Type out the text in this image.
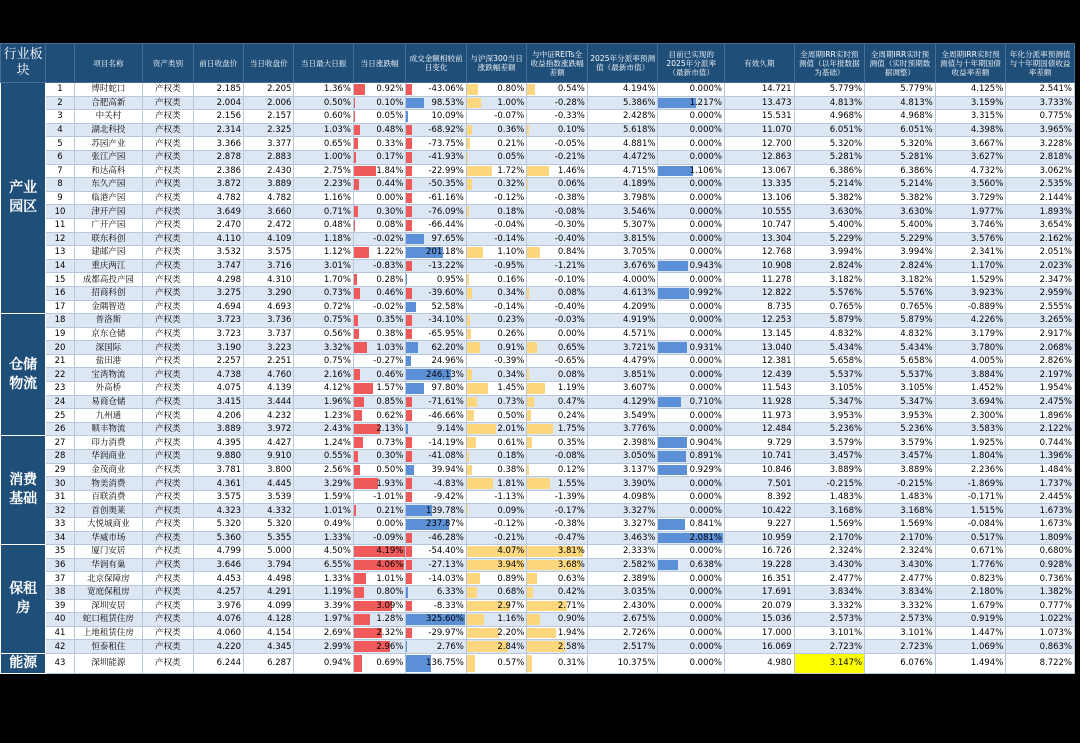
行业板块		项目名称	资产类别	前日收盘价	当日收盘价	当日最大日振	当日涨跌幅	成交金额相较前日变化	与沪深300当日涨跌幅差额	与中证REITs全收益指数涨跌幅差额	2025年分派率预测值（最新市值）	目前已实现的2025年分派率（最新市值）	有效久期	全周期IRR实时预测值（以年报数据为基础）	全周期IRR实时预测值（实时预期数据调整）	全周期IRR实时预测值与十年期国债收益率差额	年化分派率预测值与十年期国债收益率差额
产业园区	1	博时蛇口	产权类	2.185	2.205	1.36%	0.92%	-43.06%	0.80%	0.54%	4.194%	0.000%	14.721	5.779%	5.779%	4.125%	2.541%
	2	合肥高新	产权类	2.004	2.006	0.50%	0.10%	98.53%	1.00%	-0.28%	5.386%	1.217%	13.473	4.813%	4.813%	3.159%	3.733%
	3	中关村	产权类	2.156	2.157	0.60%	0.05%	10.09%	-0.07%	-0.33%	2.428%	0.000%	15.531	4.968%	4.968%	3.315%	0.775%
	4	湖北科投	产权类	2.314	2.325	1.03%	0.48%	-68.92%	0.36%	0.10%	5.618%	0.000%	11.070	6.051%	6.051%	4.398%	3.965%
	5	苏园产业	产权类	3.366	3.377	0.65%	0.33%	-73.75%	0.21%	-0.05%	4.881%	0.000%	12.700	5.320%	5.320%	3.667%	3.228%
	6	张江产园	产权类	2.878	2.883	1.00%	0.17%	-41.93%	0.05%	-0.21%	4.472%	0.000%	12.863	5.281%	5.281%	3.627%	2.818%
	7	和达高科	产权类	2.386	2.430	2.75%	1.84%	-22.99%	1.72%	1.46%	4.715%	1.106%	13.067	6.386%	6.386%	4.732%	3.062%
	8	东久产园	产权类	3.872	3.889	2.23%	0.44%	-50.35%	0.32%	0.06%	4.189%	0.000%	13.335	5.214%	5.214%	3.560%	2.535%
	9	临港产园	产权类	4.782	4.782	1.16%	0.00%	-61.16%	-0.12%	-0.38%	3.798%	0.000%	13.106	5.382%	5.382%	3.729%	2.144%
	10	津开产园	产权类	3.649	3.660	0.71%	0.30%	-76.09%	0.18%	-0.08%	3.546%	0.000%	10.555	3.630%	3.630%	1.977%	1.893%
	11	广开产园	产权类	2.470	2.472	0.48%	0.08%	-66.44%	-0.04%	-0.30%	5.307%	0.000%	10.747	5.400%	5.400%	3.746%	3.654%
	12	联东科创	产权类	4.110	4.109	1.18%	-0.02%	97.65%	-0.14%	-0.40%	3.815%	0.000%	13.304	5.229%	5.229%	3.576%	2.162%
	13	建邮产园	产权类	3.532	3.575	1.12%	1.22%	201.18%	1.10%	0.84%	3.705%	0.000%	12.768	3.994%	3.994%	2.341%	2.051%
	14	重庆两江	产权类	3.747	3.716	3.01%	-0.83%	-13.22%	-0.95%	-1.21%	3.676%	0.943%	10.908	2.824%	2.824%	1.170%	2.023%
	15	成都高投产园	产权类	4.298	4.310	1.70%	0.28%	0.95%	0.16%	-0.10%	4.000%	0.000%	11.278	3.182%	3.182%	1.529%	2.347%
	16	招商科创	产权类	3.275	3.290	0.73%	0.46%	-39.60%	0.34%	0.08%	4.613%	0.992%	12.822	5.576%	5.576%	3.923%	2.959%
	17	金隅智造	产权类	4.694	4.693	0.72%	-0.02%	52.58%	-0.14%	-0.40%	4.209%	0.000%	8.735	0.765%	0.765%	-0.889%	2.555%
仓储物流	18	普洛斯	产权类	3.723	3.736	0.75%	0.35%	-34.10%	0.23%	-0.03%	4.919%	0.000%	12.253	5.879%	5.879%	4.226%	3.265%
	19	京东仓储	产权类	3.723	3.737	0.56%	0.38%	-65.95%	0.26%	0.00%	4.571%	0.000%	13.145	4.832%	4.832%	3.179%	2.917%
	20	深国际	产权类	3.190	3.223	3.32%	1.03%	62.20%	0.91%	0.65%	3.721%	0.931%	13.040	5.434%	5.434%	3.780%	2.068%
	21	盐田港	产权类	2.257	2.251	0.75%	-0.27%	24.96%	-0.39%	-0.65%	4.479%	0.000%	12.381	5.658%	5.658%	4.005%	2.826%
	22	宝湾物流	产权类	4.738	4.760	2.16%	0.46%	246.13%	0.34%	0.08%	3.851%	0.000%	12.439	5.537%	5.537%	3.884%	2.197%
	23	外高桥	产权类	4.075	4.139	4.12%	1.57%	97.80%	1.45%	1.19%	3.607%	0.000%	11.543	3.105%	3.105%	1.452%	1.954%
	24	易商仓储	产权类	3.415	3.444	1.96%	0.85%	-71.61%	0.73%	0.47%	4.129%	0.710%	11.928	5.347%	5.347%	3.694%	2.475%
	25	九州通	产权类	4.206	4.232	1.23%	0.62%	-46.66%	0.50%	0.24%	3.549%	0.000%	11.973	3.953%	3.953%	2.300%	1.896%
	26	顺丰物流	产权类	3.889	3.972	2.43%	2.13%	9.14%	2.01%	1.75%	3.776%	0.000%	12.484	5.236%	5.236%	3.583%	2.122%
消费基础	27	印力消费	产权类	4.395	4.427	1.24%	0.73%	-14.19%	0.61%	0.35%	2.398%	0.904%	9.729	3.579%	3.579%	1.925%	0.744%
	28	华润商业	产权类	9.880	9.910	0.55%	0.30%	-41.08%	0.18%	-0.08%	3.050%	0.891%	10.741	3.457%	3.457%	1.804%	1.396%
	29	金茂商业	产权类	3.781	3.800	2.56%	0.50%	39.94%	0.38%	0.12%	3.137%	0.929%	10.846	3.889%	3.889%	2.236%	1.484%
	30	物美消费	产权类	4.361	4.445	3.29%	1.93%	-4.83%	1.81%	1.55%	3.390%	0.000%	7.501	-0.215%	-0.215%	-1.869%	1.737%
	31	百联消费	产权类	3.575	3.539	1.59%	-1.01%	-9.42%	-1.13%	-1.39%	4.098%	0.000%	8.392	1.483%	1.483%	-0.171%	2.445%
	32	首创奥莱	产权类	4.323	4.332	1.01%	0.21%	139.78%	0.09%	-0.17%	3.327%	0.000%	10.422	3.168%	3.168%	1.515%	1.673%
	33	大悦城商业	产权类	5.320	5.320	0.49%	0.00%	237.87%	-0.12%	-0.38%	3.327%	0.841%	9.227	1.569%	1.569%	-0.084%	1.673%
	34	华威市场	产权类	5.360	5.355	1.33%	-0.09%	-46.28%	-0.21%	-0.47%	3.463%	2.081%	10.959	2.170%	2.170%	0.517%	1.809%
保租房	35	厦门安居	产权类	4.799	5.000	4.50%	4.19%	-54.40%	4.07%	3.81%	2.333%	0.000%	16.726	2.324%	2.324%	0.671%	0.680%
	36	华润有巢	产权类	3.646	3.794	6.55%	4.06%	-27.13%	3.94%	3.68%	2.582%	0.638%	19.228	3.430%	3.430%	1.776%	0.928%
	37	北京保障房	产权类	4.453	4.498	1.33%	1.01%	-14.03%	0.89%	0.63%	2.389%	0.000%	16.351	2.477%	2.477%	0.823%	0.736%
	38	宽庭保租房	产权类	4.257	4.291	1.19%	0.80%	6.33%	0.68%	0.42%	3.035%	0.000%	17.691	3.834%	3.834%	2.180%	1.382%
	39	深圳安居	产权类	3.976	4.099	3.39%	3.09%	-8.33%	2.97%	2.71%	2.430%	0.000%	20.079	3.332%	3.332%	1.679%	0.777%
	40	蛇口租赁住房	产权类	4.076	4.128	1.97%	1.28%	325.60%	1.16%	0.90%	2.675%	0.000%	15.036	2.573%	2.573%	0.919%	1.022%
	41	上地租赁住房	产权类	4.060	4.154	2.69%	2.32%	-29.97%	2.20%	1.94%	2.726%	0.000%	17.000	3.101%	3.101%	1.447%	1.073%
	42	恒泰租住	产权类	4.220	4.345	2.99%	2.96%	2.76%	2.84%	2.58%	2.517%	0.000%	16.069	2.723%	2.723%	1.069%	0.863%
能源	43	深圳能源	产权类	6.244	6.287	0.94%	0.69%	136.75%	0.57%	0.31%	10.375%	0.000%	4.980	3.147%	6.076%	1.494%	8.722%
